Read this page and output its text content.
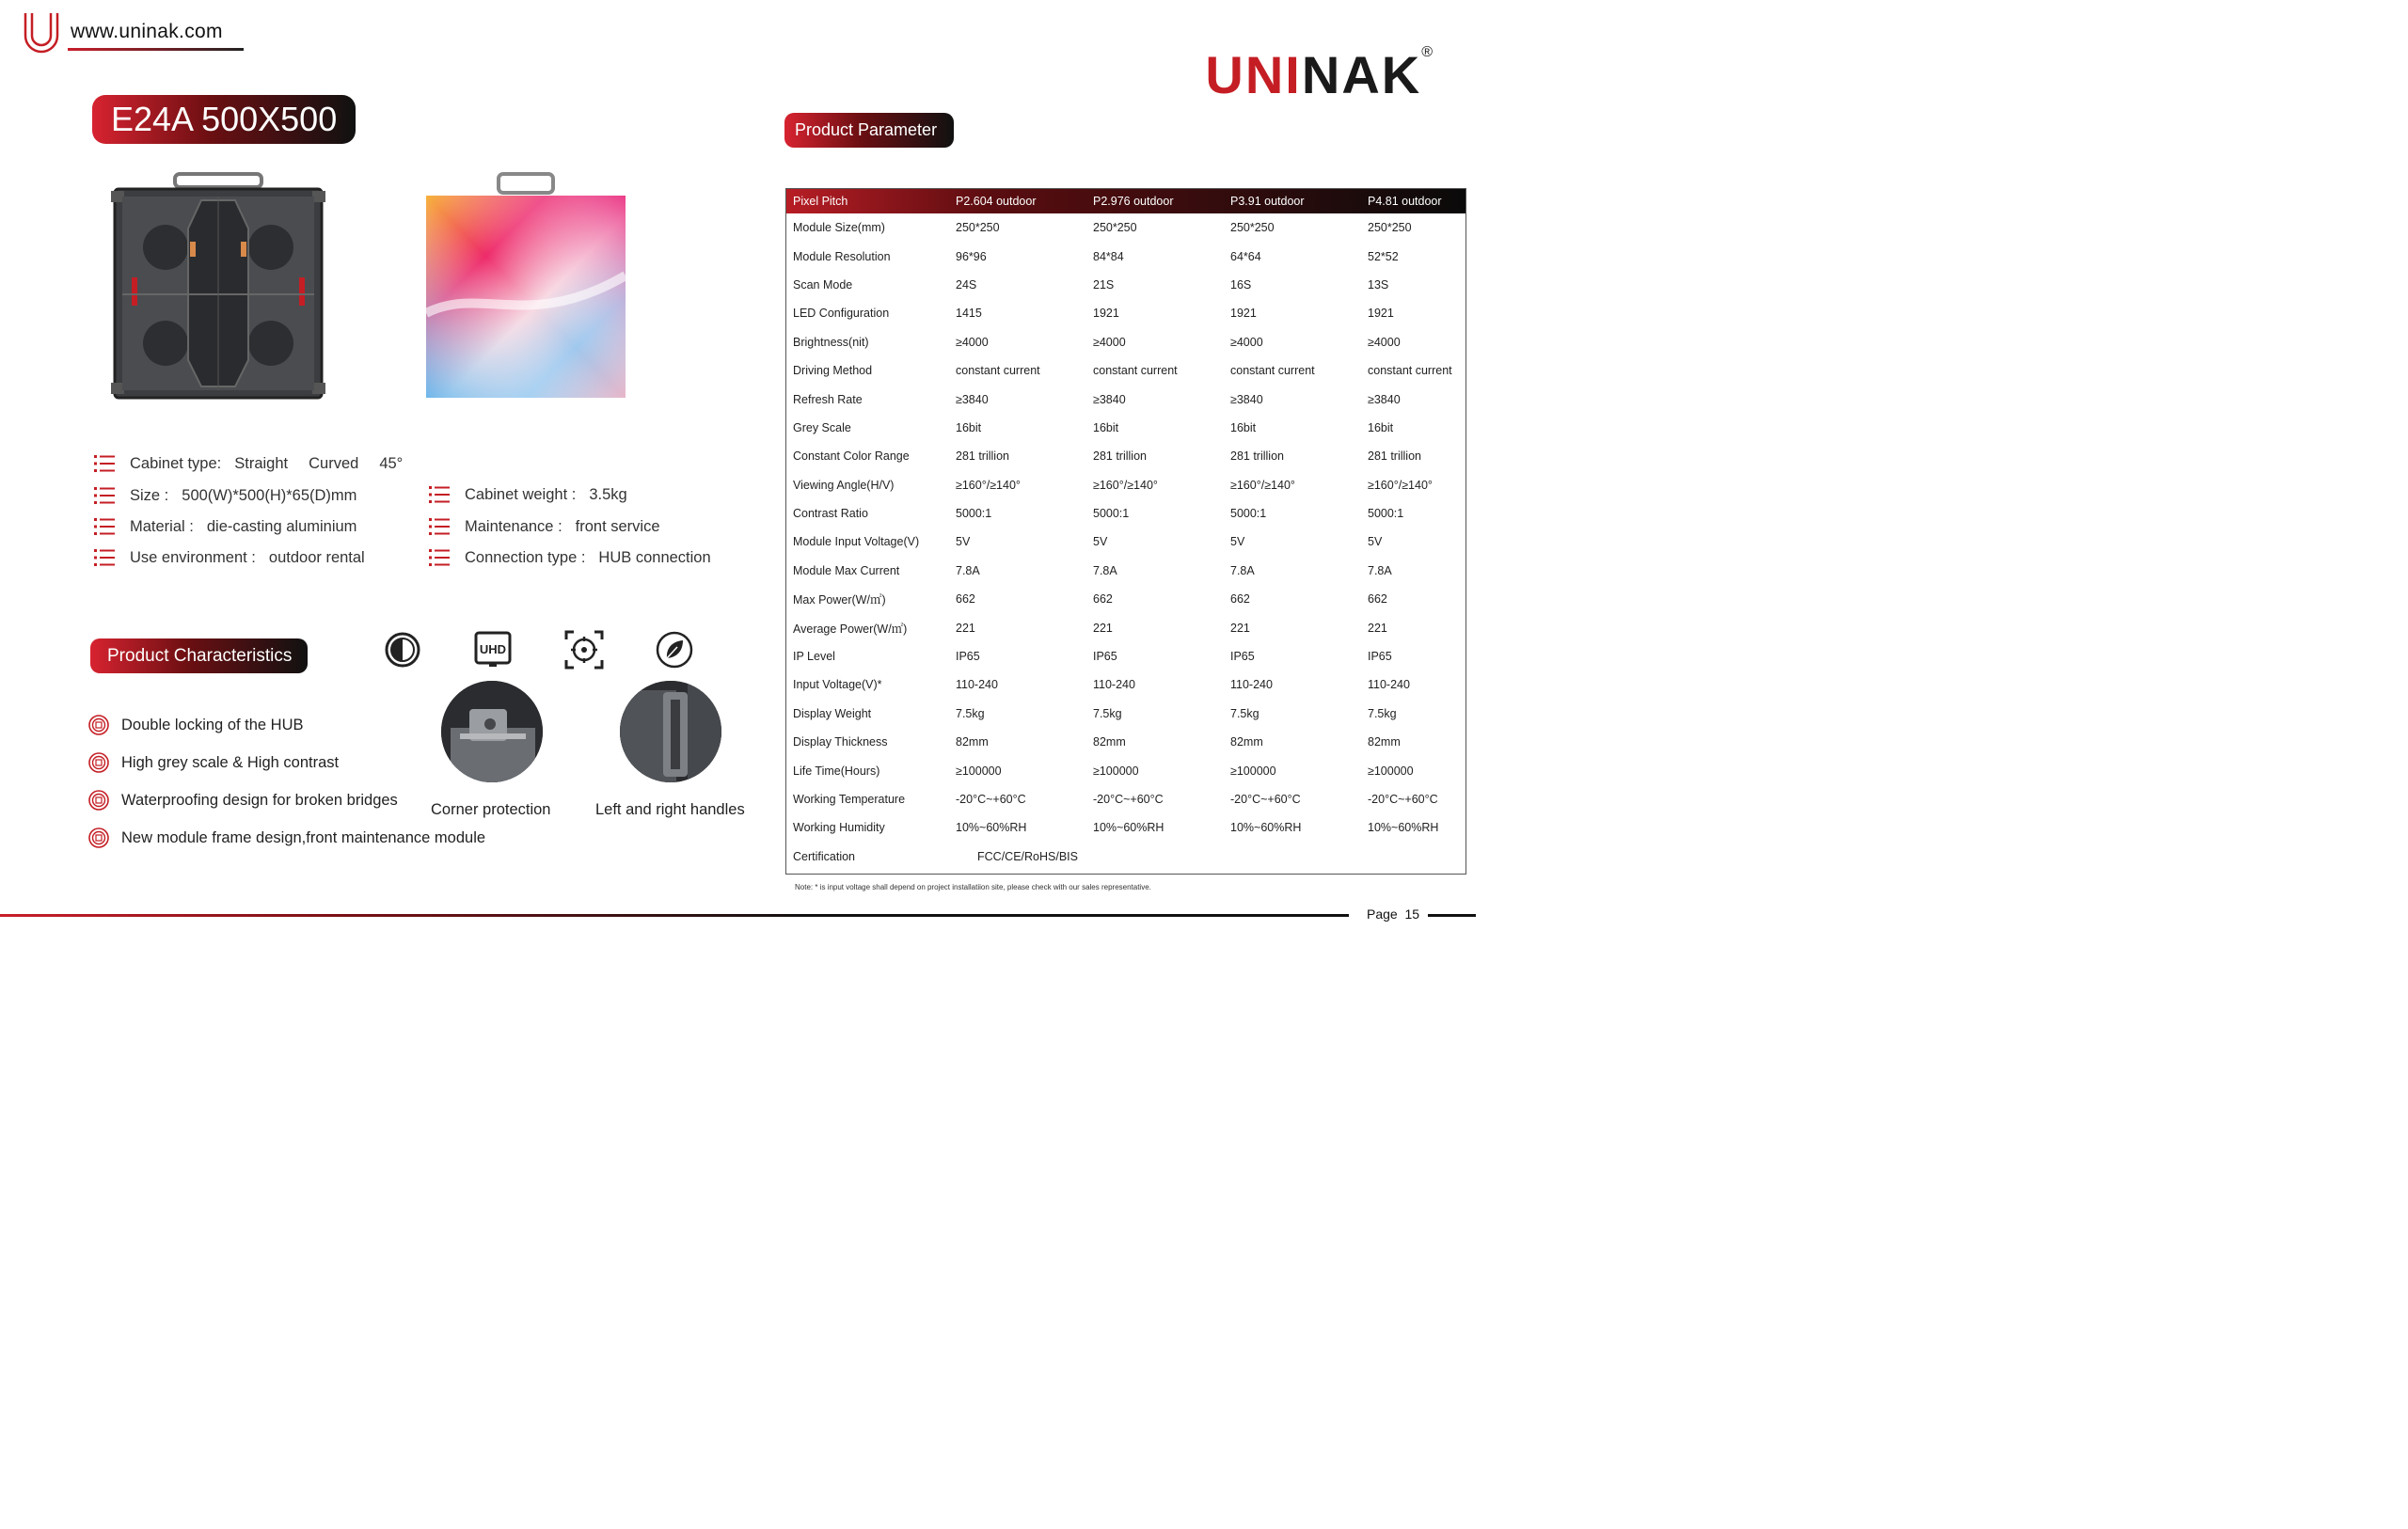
www.uninak.com
UNINAK®
E24A 500X500
Cabinet type: Straight Curved 45°
Size : 500(W)*500(H)*65(D)mm
Material : die-casting aluminium
Use environment : outdoor rental
Cabinet weight : 3.5kg
Maintenance : front service
Connection type : HUB connection
Product Characteristics	UHD
Corner protection	Left and right handles
Double locking of the HUB
High grey scale & High contrast
Waterproofing design for broken bridges
New module frame design,front maintenance module
Product Parameter
Pixel Pitch	P2.604 outdoor	P2.976 outdoor	P3.91 outdoor	P4.81 outdoor
Module Size(mm)	250*250	250*250	250*250	250*250
Module Resolution	96*96	84*84	64*64	52*52
Scan Mode	24S	21S	16S	13S
LED Configuration	1415	1921	1921	1921
Brightness(nit)	≥4000	≥4000	≥4000	≥4000
Driving Method	constant current	constant current	constant current	constant current
Refresh Rate	≥3840	≥3840	≥3840	≥3840
Grey Scale	16bit	16bit	16bit	16bit
Constant Color Range	281 trillion	281 trillion	281 trillion	281 trillion
Viewing Angle(H/V)	≥160°/≥140°	≥160°/≥140°	≥160°/≥140°	≥160°/≥140°
Contrast Ratio	5000:1	5000:1	5000:1	5000:1
Module Input Voltage(V)	5V	5V	5V	5V
Module Max Current	7.8A	7.8A	7.8A	7.8A
Max Power(W/㎡)	662	662	662	662
Average Power(W/㎡)	221	221	221	221
IP Level	IP65	IP65	IP65	IP65
Input Voltage(V)*	110-240	110-240	110-240	110-240
Display Weight	7.5kg	7.5kg	7.5kg	7.5kg
Display Thickness	82mm	82mm	82mm	82mm
Life Time(Hours)	≥100000	≥100000	≥100000	≥100000
Working Temperature	-20°C~+60°C	-20°C~+60°C	-20°C~+60°C	-20°C~+60°C
Working Humidity	10%~60%RH	10%~60%RH	10%~60%RH	10%~60%RH
Certification	FCC/CE/RoHS/BIS			
Note: * is input voltage shall depend on project installatiion site, please check with our sales representative.
Page 15
